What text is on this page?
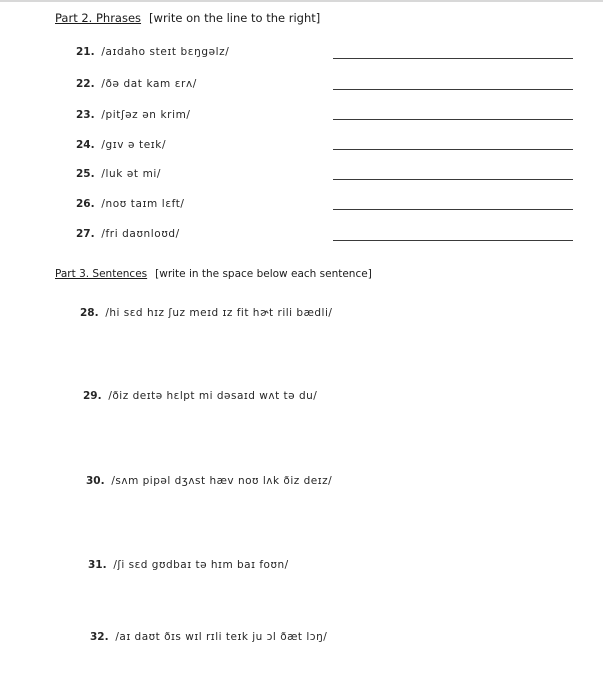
Part 2. Phrases [write on the line to the right]
21. /aɪdaho steɪt bɛŋgəlz/
22. /ðə dat kam ɛrʌ/
23. /pitʃəz ən krim/
24. /gɪv ə teɪk/
25. /luk ət mi/
26. /noʊ taɪm lɛft/
27. /fri daʊnloʊd/
Part 3. Sentences [write in the space below each sentence]
28. /hi sɛd hɪz ʃuz meɪd ɪz fit hɚt rili bædli/
29. /ðiz deɪtə hɛlpt mi dəsaɪd wʌt tə du/
30. /sʌm pipəl dʒʌst hæv noʊ lʌk ðiz deɪz/
31. /ʃi sɛd gʊdbaɪ tə hɪm baɪ foʊn/
32. /aɪ daʊt ðɪs wɪl rɪli teɪk ju ɔl ðæt lɔŋ/
